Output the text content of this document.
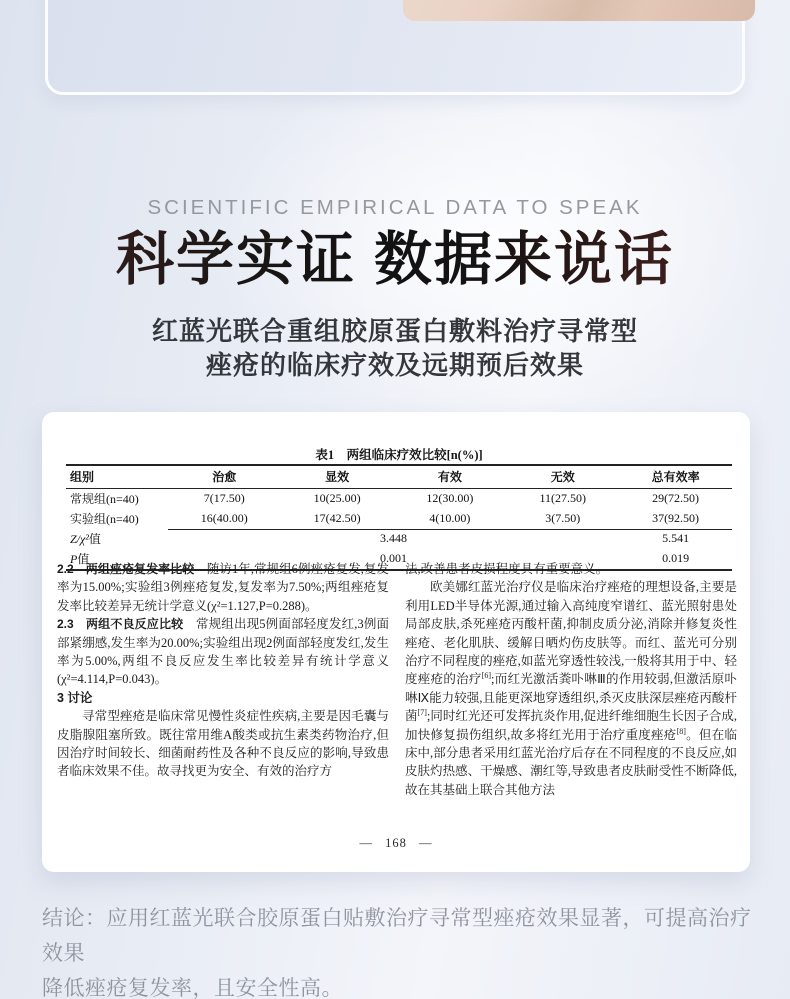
SCIENTIFIC EMPIRICAL DATA TO SPEAK
科学实证 数据来说话
红蓝光联合重组胶原蛋白敷料治疗寻常型
痤疮的临床疗效及远期预后效果
表1　两组临床疗效比较[n(%)]
组别	治愈	显效	有效	无效	总有效率
常规组(n=40)	7(17.50)	10(25.00)	12(30.00)	11(27.50)	29(72.50)
实验组(n=40)	16(40.00)	17(42.50)	4(10.00)	3(7.50)	37(92.50)
Z/χ²值	3.448				5.541
P值	0.001				0.019

2.2　两组痤疮复发率比较　随访1年,常规组6例痤疮复发,复发率为15.00%;实验组3例痤疮复发,复发率为7.50%;两组痤疮复发率比较差异无统计学意义(χ²=1.127,P=0.288)。

2.3　两组不良反应比较　常规组出现5例面部轻度发红,3例面部紧绷感,发生率为20.00%;实验组出现2例面部轻度发红,发生率为5.00%,两组不良反应发生率比较差异有统计学意义(χ²=4.114,P=0.043)。

3 讨论

寻常型痤疮是临床常见慢性炎症性疾病,主要是因毛囊与皮脂腺阻塞所致。既往常用维A酸类或抗生素类药物治疗,但因治疗时间较长、细菌耐药性及各种不良反应的影响,导致患者临床效果不佳。故寻找更为安全、有效的治疗方

法,改善患者皮损程度具有重要意义。

欧美娜红蓝光治疗仪是临床治疗痤疮的理想设备,主要是利用LED半导体光源,通过输入高纯度窄谱红、蓝光照射患处局部皮肤,杀死痤疮丙酸杆菌,抑制皮质分泌,消除并修复炎性痤疮、老化肌肤、缓解日晒灼伤皮肤等。而红、蓝光可分别治疗不同程度的痤疮,如蓝光穿透性较浅,一般将其用于中、轻度痤疮的治疗[6];而红光激活粪卟啉Ⅲ的作用较弱,但激活原卟啉Ⅸ能力较强,且能更深地穿透组织,杀灭皮肤深层痤疮丙酸杆菌[7];同时红光还可发挥抗炎作用,促进纤维细胞生长因子合成,加快修复损伤组织,故多将红光用于治疗重度痤疮[8]。但在临床中,部分患者采用红蓝光治疗后存在不同程度的不良反应,如皮肤灼热感、干燥感、潮红等,导致患者皮肤耐受性不断降低,故在其基础上联合其他方法

— 168 —
结论：应用红蓝光联合胶原蛋白贴敷治疗寻常型痤疮效果显著，可提高治疗效果
降低痤疮复发率，且安全性高。
